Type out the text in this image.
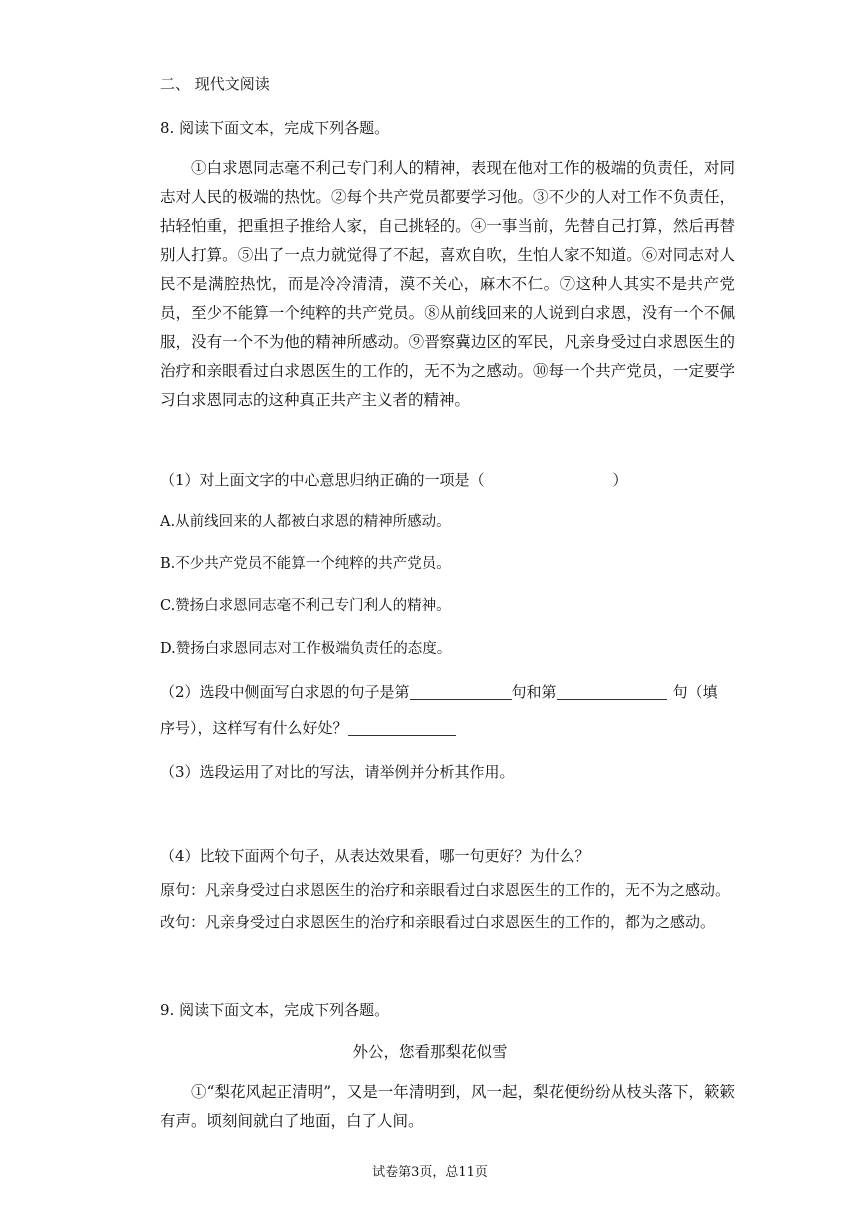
二、 现代文阅读
8. 阅读下面文本，完成下列各题。

①白求恩同志毫不利己专门利人的精神，表现在他对工作的极端的负责任，对同志对人民的极端的热忱。②每个共产党员都要学习他。③不少的人对工作不负责任，拈轻怕重，把重担子推给人家，自己挑轻的。④一事当前，先替自己打算，然后再替别人打算。⑤出了一点力就觉得了不起，喜欢自吹，生怕人家不知道。⑥对同志对人民不是满腔热忱，而是冷冷清清，漠不关心，麻木不仁。⑦这种人其实不是共产党员，至少不能算一个纯粹的共产党员。⑧从前线回来的人说到白求恩，没有一个不佩服，没有一个不为他的精神所感动。⑨晋察冀边区的军民，凡亲身受过白求恩医生的治疗和亲眼看过白求恩医生的工作的，无不为之感动。⑩每一个共产党员，一定要学习白求恩同志的这种真正共产主义者的精神。

（1）对上面文字的中心意思归纳正确的一项是（	）
A.从前线回来的人都被白求恩的精神所感动。
B.不少共产党员不能算一个纯粹的共产党员。
C.赞扬白求恩同志毫不利己专门利人的精神。
D.赞扬白求恩同志对工作极端负责任的态度。
（2）选段中侧面写白求恩的句子是第	句和第	句（填
序号），这样写有什么好处？
（3）选段运用了对比的写法，请举例并分析其作用。
（4）比较下面两个句子，从表达效果看，哪一句更好？为什么？
原句：凡亲身受过白求恩医生的治疗和亲眼看过白求恩医生的工作的，无不为之感动。
改句：凡亲身受过白求恩医生的治疗和亲眼看过白求恩医生的工作的，都为之感动。
9. 阅读下面文本，完成下列各题。
外公，您看那梨花似雪

①“梨花风起正清明”，又是一年清明到，风一起，梨花便纷纷从枝头落下，簌簌有声。顷刻间就白了地面，白了人间。

试卷第3页，总11页
